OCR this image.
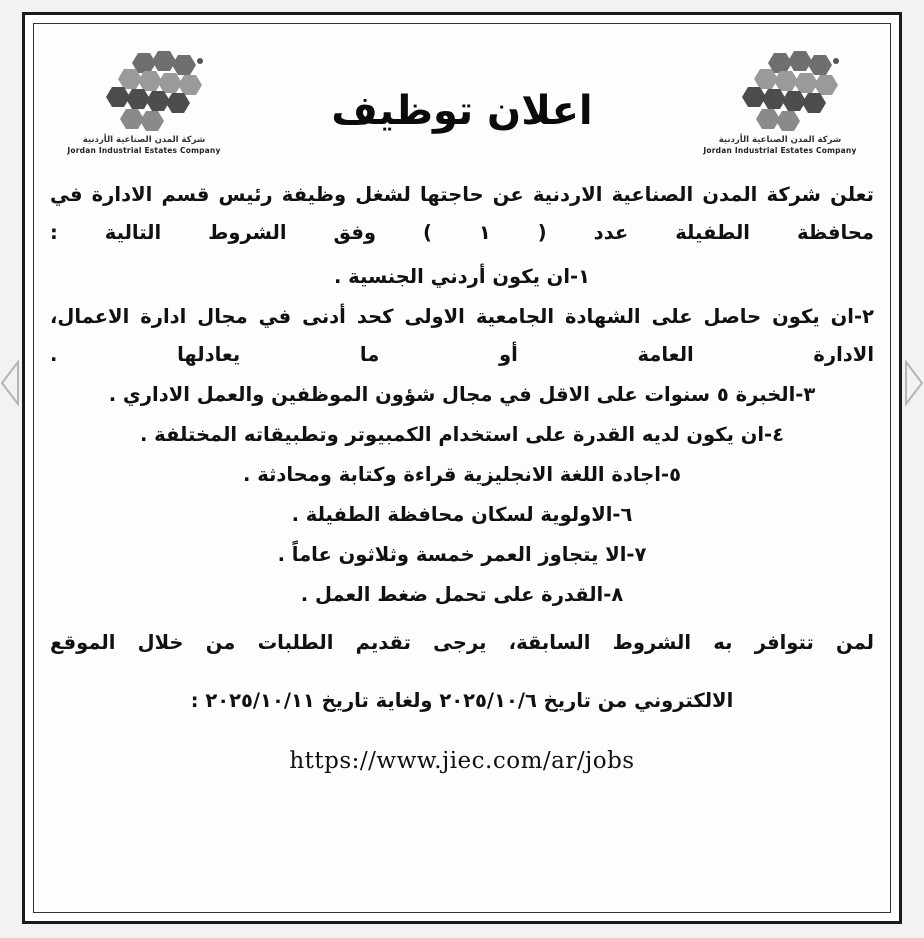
شركة المدن الصناعية الأردنية
Jordan Industrial Estates Company
اعلان توظيف
شركة المدن الصناعية الأردنية
Jordan Industrial Estates Company

تعلن شركة المدن الصناعية الاردنية عن حاجتها لشغل وظيفة رئيس قسم الادارة في محافظة الطفيلة عدد ( ١ ) وفق الشروط التالية :

١-ان يكون أردني الجنسية .

٢-ان يكون حاصل على الشهادة الجامعية الاولى كحد أدنى في مجال ادارة الاعمال، الادارة العامة أو ما يعادلها .

٣-الخبرة ٥ سنوات على الاقل في مجال شؤون الموظفين والعمل الاداري .

٤-ان يكون لديه القدرة على استخدام الكمبيوتر وتطبيقاته المختلفة .

٥-اجادة اللغة الانجليزية قراءة وكتابة ومحادثة .

٦-الاولوية لسكان محافظة الطفيلة .

٧-الا يتجاوز العمر خمسة وثلاثون عاماً .

٨-القدرة على تحمل ضغط العمل .

لمن تتوافر به الشروط السابقة، يرجى تقديم الطلبات من خلال الموقع

الالكتروني من تاريخ ٢٠٢٥/١٠/٦ ولغاية تاريخ ٢٠٢٥/١٠/١١ :

https://www.jiec.com/ar/jobs
